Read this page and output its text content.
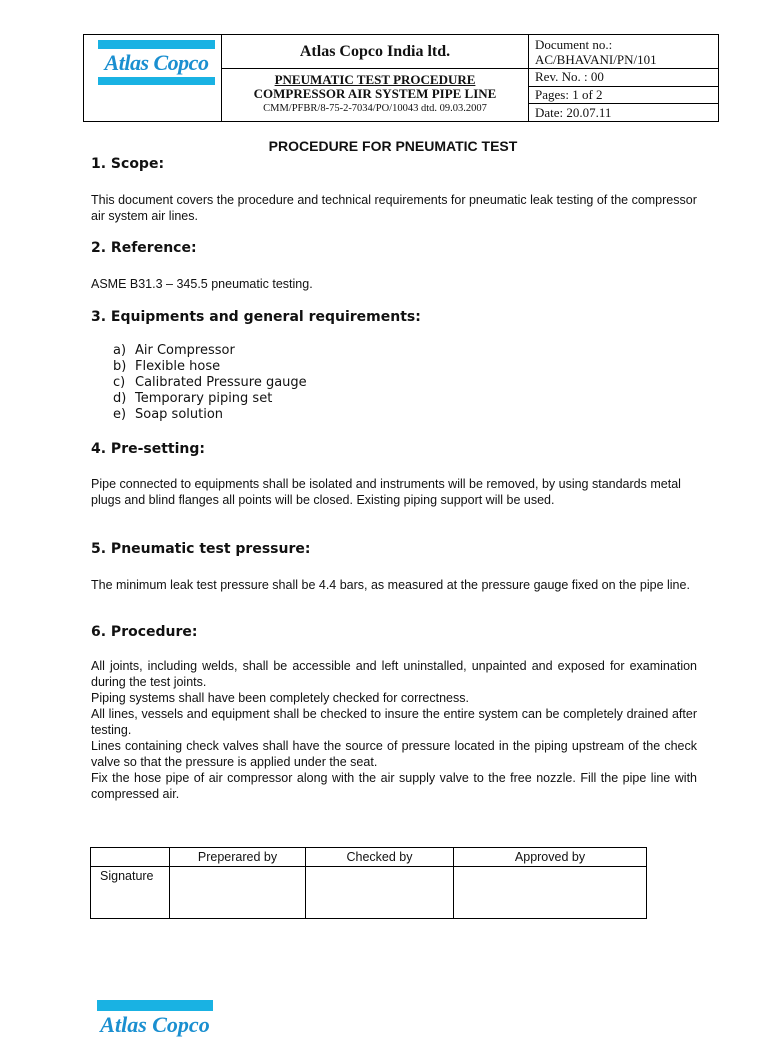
Atlas Copco	Atlas Copco India ltd.	Document no.:
AC/BHAVANI/PN/101

PNEUMATIC TEST PROCEDURE
COMPRESSOR AIR SYSTEM PIPE LINE
CMM/PFBR/8-75-2-7034/PO/10043 dtd. 09.03.2007

Rev. No. : 00
Pages: 1 of 2
Date: 20.07.11
PROCEDURE FOR PNEUMATIC TEST
1. Scope:

This document covers the procedure and technical requirements for pneumatic leak testing of the compressor air system air lines.

2. Reference:

ASME B31.3 – 345.5 pneumatic testing.

3. Equipments and general requirements:
a) Air Compressor
b) Flexible hose
c) Calibrated Pressure gauge
d) Temporary piping set
e) Soap solution
4. Pre-setting:

Pipe connected to equipments shall be isolated and instruments will be removed, by using standards metal plugs and blind flanges all points will be closed. Existing piping support will be used.

5. Pneumatic test pressure:

The minimum leak test pressure shall be 4.4 bars, as measured at the pressure gauge fixed on the pipe line.

6. Procedure:

All joints, including welds, shall be accessible and left uninstalled, unpainted and exposed for examination during the test joints.

Piping systems shall have been completely checked for correctness.

All lines, vessels and equipment shall be checked to insure the entire system can be completely drained after testing.

Lines containing check valves shall have the source of pressure located in the piping upstream of the check valve so that the pressure is applied under the seat.

Fix the hose pipe of air compressor along with the air supply valve to the free nozzle. Fill the pipe line with compressed air.

	Preperared by	Checked by	Approved by
Signature			
Atlas Copco
